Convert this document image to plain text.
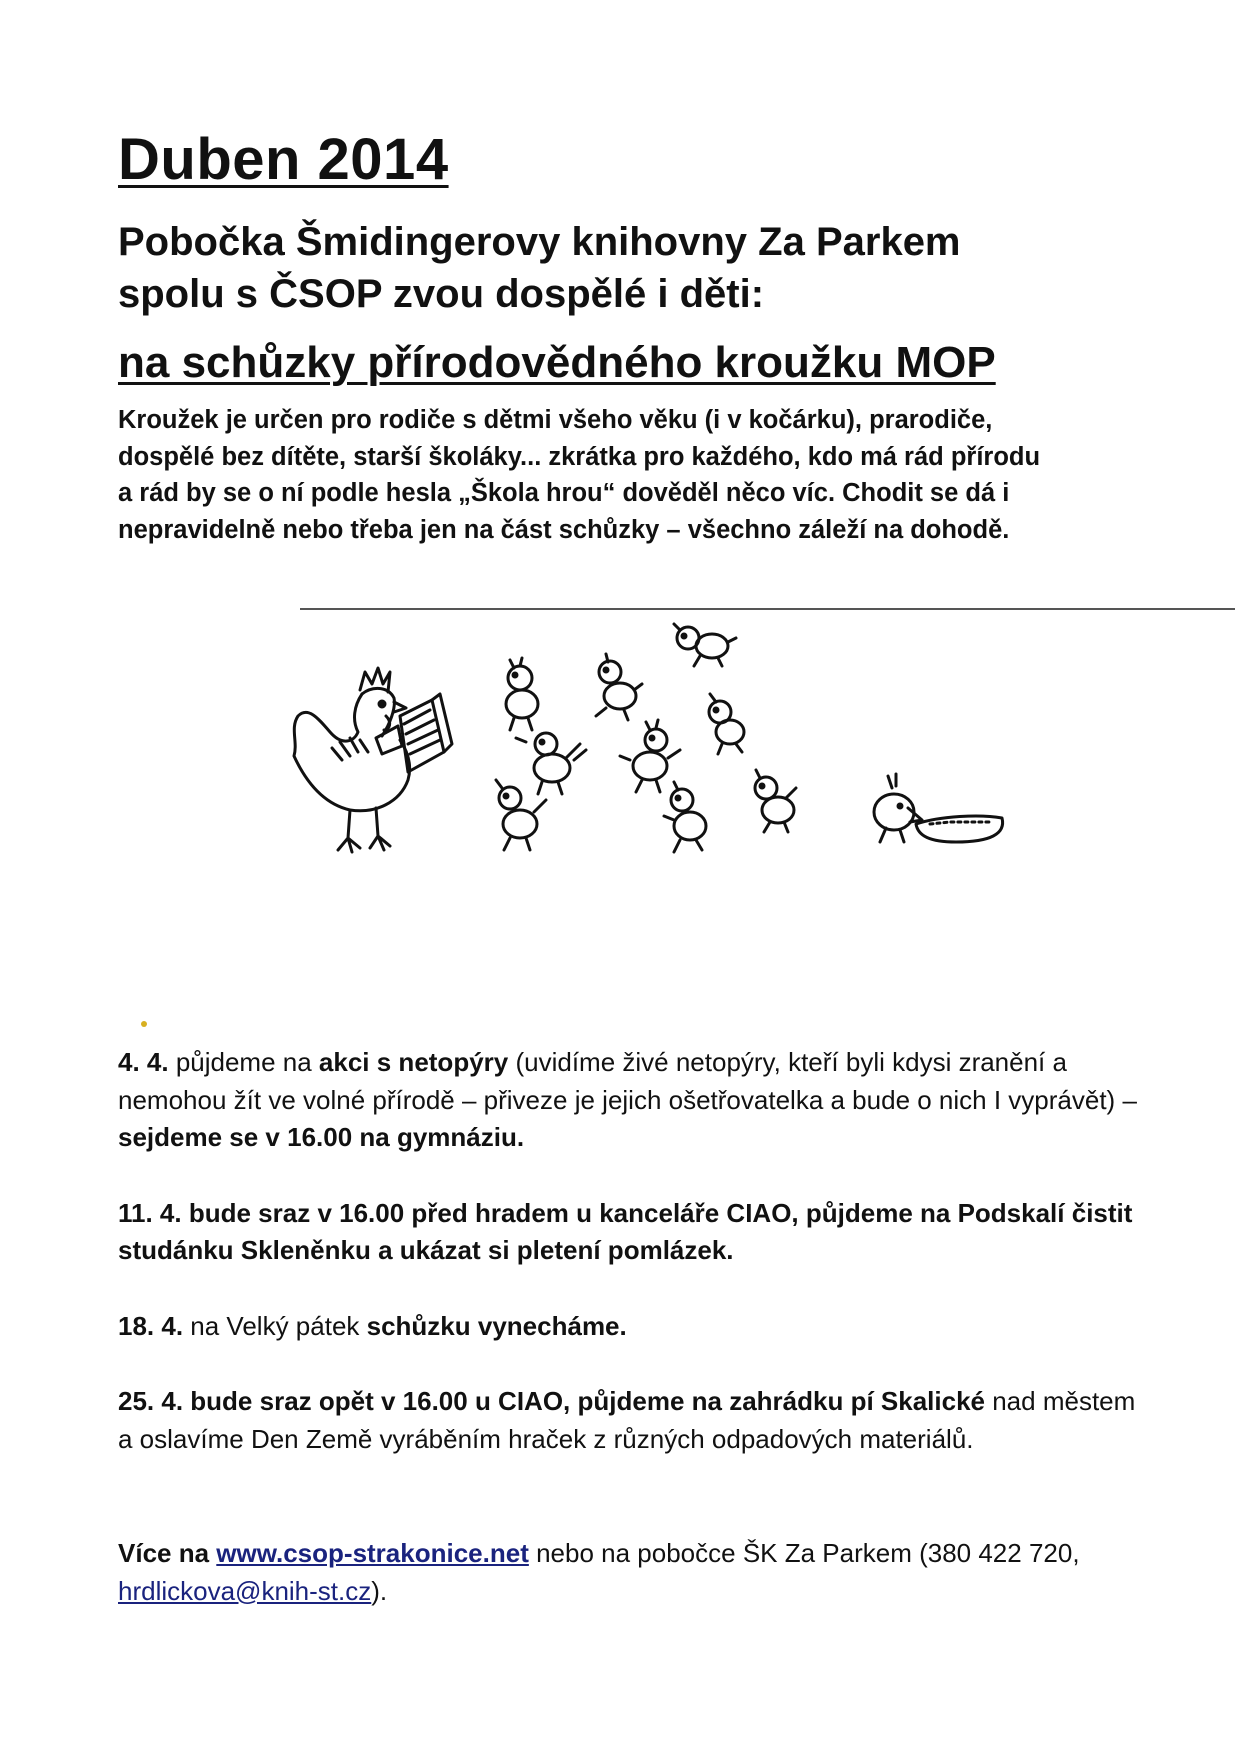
Duben 2014
Pobočka Šmidingerovy knihovny Za Parkem
spolu s ČSOP zvou dospělé i děti:
na schůzky přírodovědného kroužku MOP
Kroužek je určen pro rodiče s dětmi všeho věku (i v kočárku), prarodiče,
dospělé bez dítěte, starší školáky... zkrátka pro každého, kdo má rád přírodu
a rád by se o ní podle hesla „Škola hrou“ dověděl něco víc. Chodit se dá i
nepravidelně nebo třeba jen na část schůzky – všechno záleží na dohodě.

4. 4. půjdeme na akci s netopýry (uvidíme živé netopýry, kteří byli kdysi zranění a nemohou žít ve volné přírodě – přiveze je jejich ošetřovatelka a bude o nich I vyprávět) – sejdeme se v 16.00 na gymnáziu.

11. 4. bude sraz v 16.00 před hradem u kanceláře CIAO, půjdeme na Podskalí čistit studánku Skleněnku a ukázat si pletení pomlázek.

18. 4. na Velký pátek schůzku vynecháme.

25. 4. bude sraz opět v 16.00 u CIAO, půjdeme na zahrádku pí Skalické nad městem a oslavíme Den Země vyráběním hraček z různých odpadových materiálů.

Více na www.csop-strakonice.net nebo na pobočce ŠK Za Parkem (380 422 720, hrdlickova@knih-st.cz).
